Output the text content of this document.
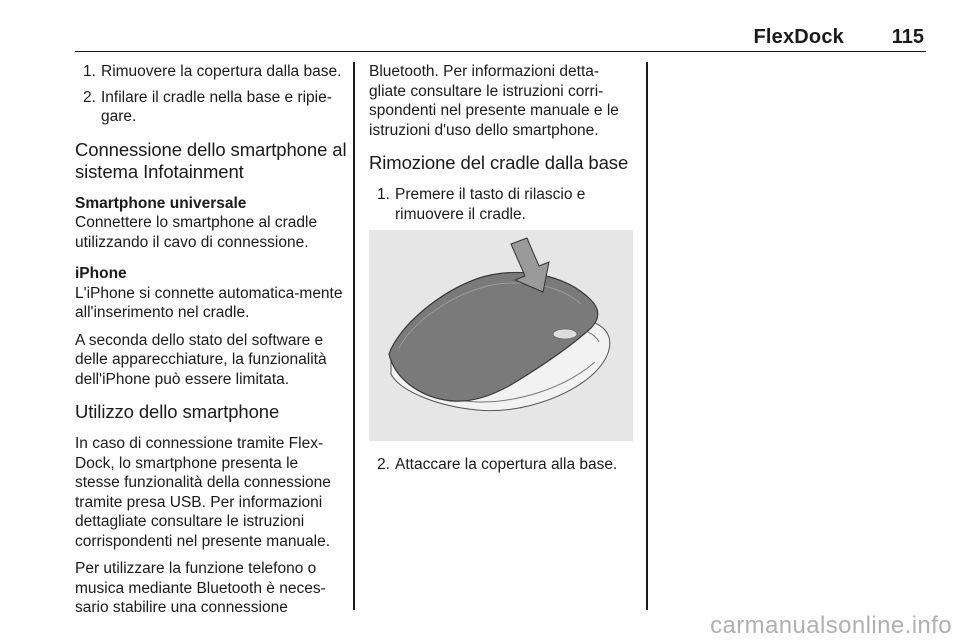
FlexDock 115
1. Rimuovere la copertura dalla base.
2. Infilare il cradle nella base e ripie-gare.
Connessione dello smartphone al sistema Infotainment
Smartphone universale

Connettere lo smartphone al cradle utilizzando il cavo di connessione.

iPhone

L'iPhone si connette automatica-mente all'inserimento nel cradle.

A seconda dello stato del software e delle apparecchiature, la funzionalità dell'iPhone può essere limitata.

Utilizzo dello smartphone

In caso di connessione tramite Flex-Dock, lo smartphone presenta le stesse funzionalità della connessione tramite presa USB. Per informazioni dettagliate consultare le istruzioni corrispondenti nel presente manuale.

Per utilizzare la funzione telefono o musica mediante Bluetooth è neces-sario stabilire una connessione

Bluetooth. Per informazioni detta-gliate consultare le istruzioni corri-spondenti nel presente manuale e le istruzioni d'uso dello smartphone.

Rimozione del cradle dalla base
1. Premere il tasto di rilascio e rimuovere il cradle.
2. Attaccare la copertura alla base.
carmanualsonline.info
